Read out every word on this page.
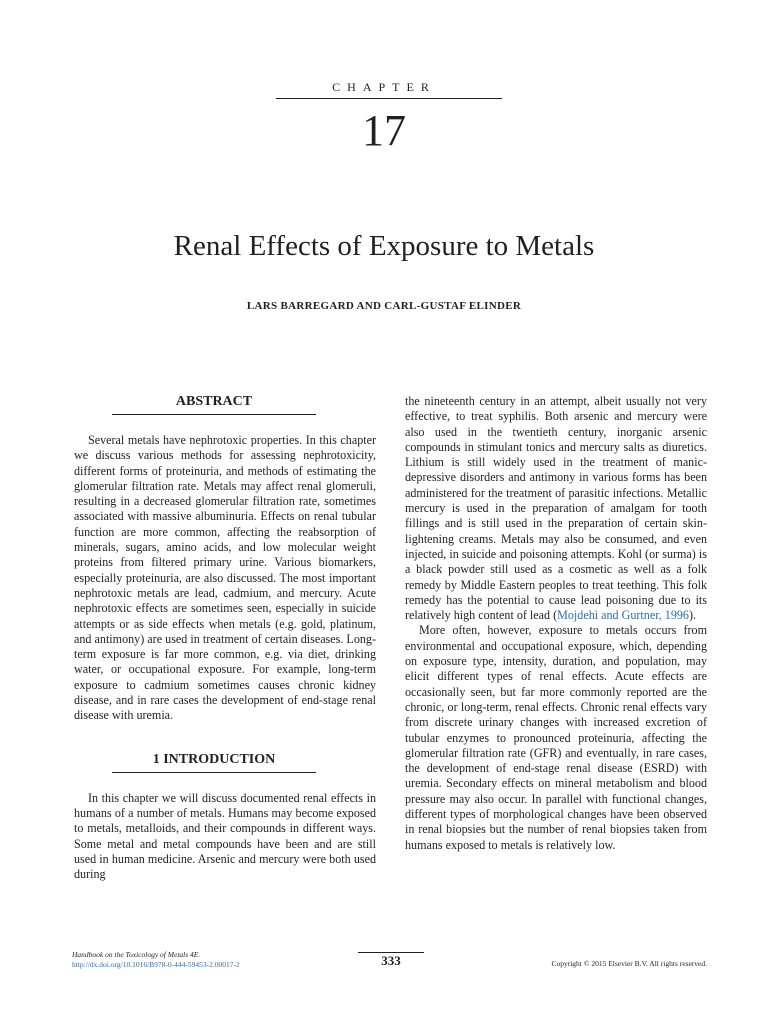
CHAPTER
17
Renal Effects of Exposure to Metals
LARS BARREGARD AND CARL-GUSTAF ELINDER
ABSTRACT

Several metals have nephrotoxic properties. In this chapter we discuss various methods for assessing nephrotoxicity, different forms of proteinuria, and methods of estimating the glomerular filtration rate. Metals may affect renal glomeruli, resulting in a decreased glomerular filtration rate, sometimes associated with massive albuminuria. Effects on renal tubular function are more common, affecting the reabsorption of minerals, sugars, amino acids, and low molecular weight proteins from filtered primary urine. Various biomarkers, especially proteinuria, are also discussed. The most important nephrotoxic metals are lead, cadmium, and mercury. Acute nephrotoxic effects are sometimes seen, especially in suicide attempts or as side effects when metals (e.g. gold, platinum, and antimony) are used in treatment of certain diseases. Long-term exposure is far more common, e.g. via diet, drinking water, or occupational exposure. For example, long-term exposure to cadmium sometimes causes chronic kidney disease, and in rare cases the development of end-stage renal disease with uremia.

1 INTRODUCTION

In this chapter we will discuss documented renal effects in humans of a number of metals. Humans may become exposed to metals, metalloids, and their compounds in different ways. Some metal and metal compounds have been and are still used in human medicine. Arsenic and mercury were both used during

the nineteenth century in an attempt, albeit usually not very effective, to treat syphilis. Both arsenic and mercury were also used in the twentieth century, inorganic arsenic compounds in stimulant tonics and mercury salts as diuretics. Lithium is still widely used in the treatment of manic-depressive disorders and antimony in various forms has been administered for the treatment of parasitic infections. Metallic mercury is used in the preparation of amalgam for tooth fillings and is still used in the preparation of certain skin-lightening creams. Metals may also be consumed, and even injected, in suicide and poisoning attempts. Kohl (or surma) is a black powder still used as a cosmetic as well as a folk remedy by Middle Eastern peoples to treat teething. This folk remedy has the potential to cause lead poisoning due to its relatively high content of lead (Mojdehi and Gurtner, 1996).

More often, however, exposure to metals occurs from environmental and occupational exposure, which, depending on exposure type, intensity, duration, and population, may elicit different types of renal effects. Acute effects are occasionally seen, but far more commonly reported are the chronic, or long-term, renal effects. Chronic renal effects vary from discrete urinary changes with increased excretion of tubular enzymes to pronounced proteinuria, affecting the glomerular filtration rate (GFR) and eventually, in rare cases, the development of end-stage renal disease (ESRD) with uremia. Secondary effects on mineral metabolism and blood pressure may also occur. In parallel with functional changes, different types of morphological changes have been observed in renal biopsies but the number of renal biopsies taken from humans exposed to metals is relatively low.

Handbook on the Toxicology of Metals 4E.
http://dx.doi.org/10.1016/B978-0-444-59453-2.00017-2	333	Copyright © 2015 Elsevier B.V. All rights reserved.
